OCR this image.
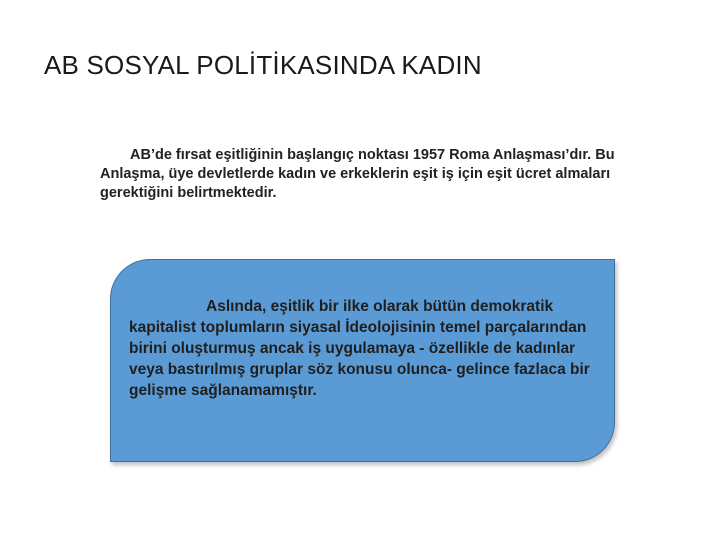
AB SOSYAL POLİTİKASINDA KADIN
AB’de fırsat eşitliğinin başlangıç noktası 1957 Roma Anlaşması’dır. Bu Anlaşma, üye devletlerde kadın ve erkeklerin eşit iş için eşit ücret almaları gerektiğini belirtmektedir.
Aslında, eşitlik bir ilke olarak bütün demokratik kapitalist toplumların siyasal İdeolojisinin temel parçalarından birini oluşturmuş ancak iş uygulamaya - özellikle de kadınlar veya bastırılmış gruplar söz konusu olunca- gelince fazlaca bir gelişme sağlanamamıştır.
